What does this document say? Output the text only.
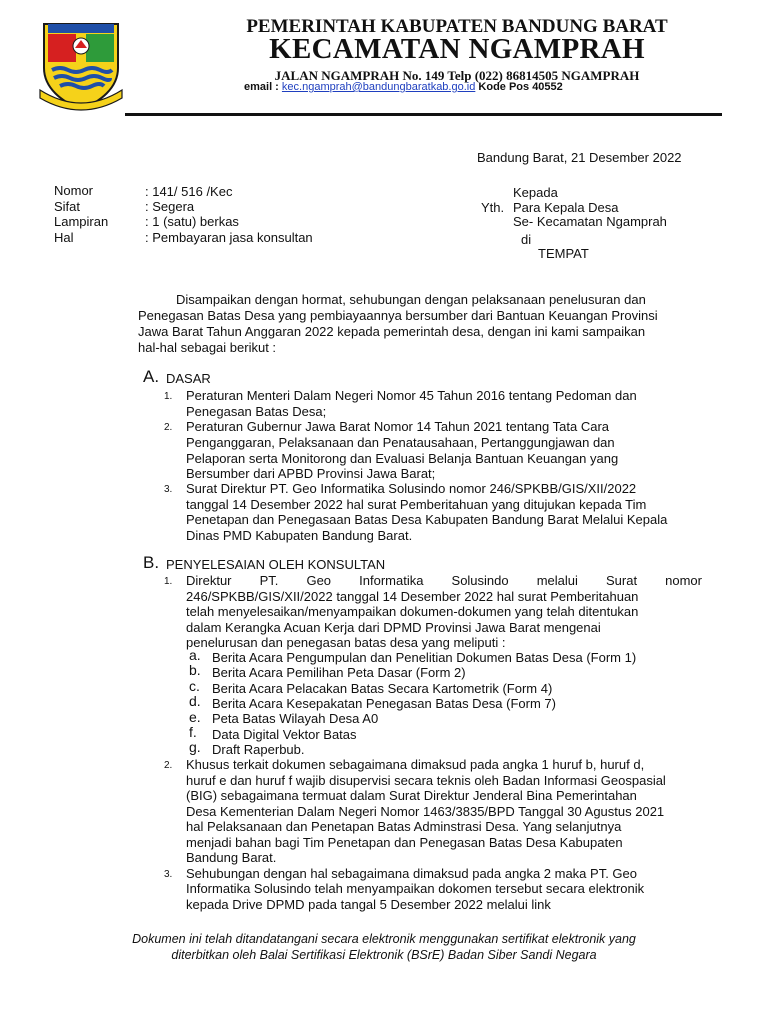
PEMERINTAH KABUPATEN BANDUNG BARAT
KECAMATAN NGAMPRAH
JALAN NGAMPRAH No. 149 Telp (022) 86814505 NGAMPRAH
email : kec.ngamprah@bandungbaratkab.go.id Kode Pos 40552
Bandung Barat, 21 Desember 2022
Nomor	: 141/ 516 /Kec
Sifat	: Segera
Lampiran	: 1 (satu) berkas
Hal	: Pembayaran jasa konsultan
Kepada
Yth. Para Kepala Desa
Se- Kecamatan Ngamprah
di
TEMPAT
Disampaikan dengan hormat, sehubungan dengan pelaksanaan penelusuran dan
Penegasan Batas Desa yang pembiayaannya bersumber dari Bantuan Keuangan Provinsi
Jawa Barat Tahun Anggaran 2022 kepada pemerintah desa, dengan ini kami sampaikan
hal-hal sebagai berikut :
A. DASAR
1. Peraturan Menteri Dalam Negeri Nomor 45 Tahun 2016 tentang Pedoman dan
Penegasan Batas Desa;
2. Peraturan Gubernur Jawa Barat Nomor 14 Tahun 2021 tentang Tata Cara
Penganggaran, Pelaksanaan dan Penatausahaan, Pertanggungjawan dan
Pelaporan serta Monitorong dan Evaluasi Belanja Bantuan Keuangan yang
Bersumber dari APBD Provinsi Jawa Barat;
3. Surat Direktur PT. Geo Informatika Solusindo nomor 246/SPKBB/GIS/XII/2022
tanggal 14 Desember 2022 hal surat Pemberitahuan yang ditujukan kepada Tim
Penetapan dan Penegasaan Batas Desa Kabupaten Bandung Barat Melalui Kepala
Dinas PMD Kabupaten Bandung Barat.
B. PENYELESAIAN OLEH KONSULTAN
1. Direktur PT. Geo Informatika Solusindo melalui Surat nomor
246/SPKBB/GIS/XII/2022 tanggal 14 Desember 2022 hal surat Pemberitahuan
telah menyelesaikan/menyampaikan dokumen-dokumen yang telah ditentukan
dalam Kerangka Acuan Kerja dari DPMD Provinsi Jawa Barat mengenai
penelurusan dan penegasan batas desa yang meliputi :
a. Berita Acara Pengumpulan dan Penelitian Dokumen Batas Desa (Form 1)
b. Berita Acara Pemilihan Peta Dasar (Form 2)
c. Berita Acara Pelacakan Batas Secara Kartometrik (Form 4)
d. Berita Acara Kesepakatan Penegasan Batas Desa (Form 7)
e. Peta Batas Wilayah Desa A0
f. Data Digital Vektor Batas
g. Draft Raperbub.
2. Khusus terkait dokumen sebagaimana dimaksud pada angka 1 huruf b, huruf d,
huruf e dan huruf f wajib disupervisi secara teknis oleh Badan Informasi Geospasial
(BIG) sebagaimana termuat dalam Surat Direktur Jenderal Bina Pemerintahan
Desa Kementerian Dalam Negeri Nomor 1463/3835/BPD Tanggal 30 Agustus 2021
hal Pelaksanaan dan Penetapan Batas Adminstrasi Desa. Yang selanjutnya
menjadi bahan bagi Tim Penetapan dan Penegasan Batas Desa Kabupaten
Bandung Barat.
3. Sehubungan dengan hal sebagaimana dimaksud pada angka 2 maka PT. Geo
Informatika Solusindo telah menyampaikan dokomen tersebut secara elektronik
kepada Drive DPMD pada tangal 5 Desember 2022 melalui link
Dokumen ini telah ditandatangani secara elektronik menggunakan sertifikat elektronik yang
diterbitkan oleh Balai Sertifikasi Elektronik (BSrE) Badan Siber Sandi Negara
